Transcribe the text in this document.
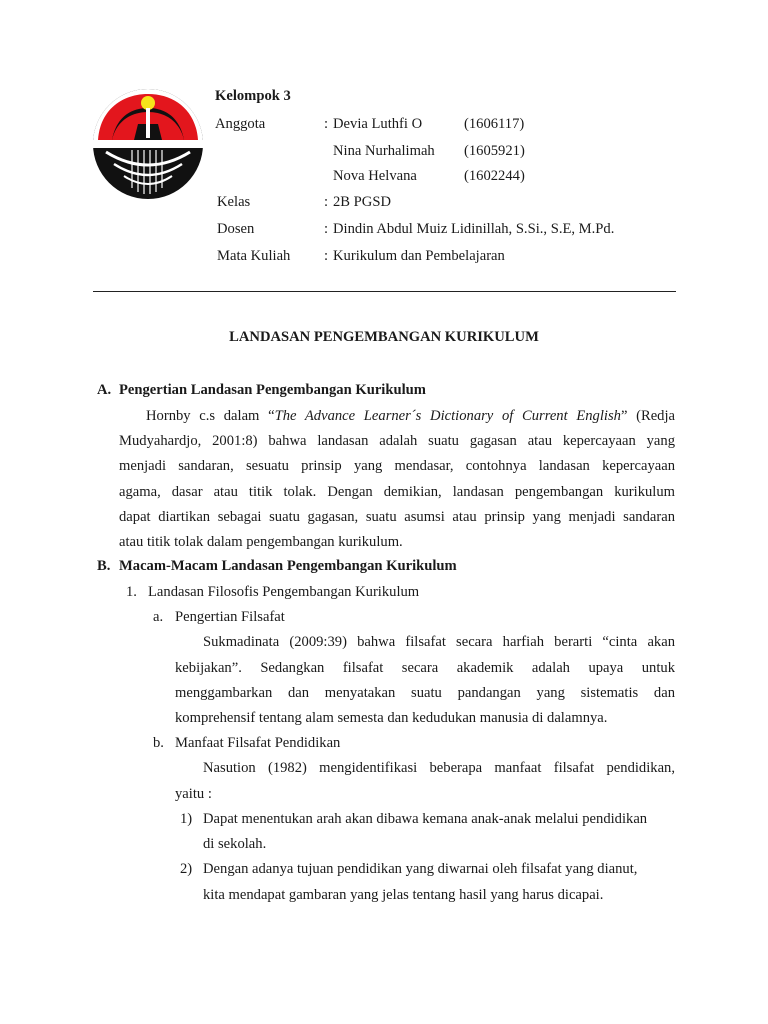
Kelompok 3
Anggota	: Devia Luthfi O	(1606117)
Nina Nurhalimah (1605921)
Nova Helvana	(1602244)
Kelas	: 2B PGSD
Dosen	: Dindin Abdul Muiz Lidinillah, S.Si., S.E, M.Pd.
Mata Kuliah : Kurikulum dan Pembelajaran
LANDASAN PENGEMBANGAN KURIKULUM
A. Pengertian Landasan Pengembangan Kurikulum
Hornby c.s dalam “The Advance Learner´s Dictionary of Current English” (Redja
Mudyahardjo, 2001:8) bahwa landasan adalah suatu gagasan atau kepercayaan yang
menjadi sandaran, sesuatu prinsip yang mendasar, contohnya landasan kepercayaan
agama, dasar atau titik tolak. Dengan demikian, landasan pengembangan kurikulum
dapat diartikan sebagai suatu gagasan, suatu asumsi atau prinsip yang menjadi sandaran
atau titik tolak dalam pengembangan kurikulum.
B. Macam-Macam Landasan Pengembangan Kurikulum
1. Landasan Filosofis Pengembangan Kurikulum
a. Pengertian Filsafat
Sukmadinata (2009:39) bahwa filsafat secara harfiah berarti “cinta akan
kebijakan”. Sedangkan filsafat secara akademik adalah upaya untuk
menggambarkan dan menyatakan suatu pandangan yang sistematis dan
komprehensif tentang alam semesta dan kedudukan manusia di dalamnya.
b. Manfaat Filsafat Pendidikan
Nasution (1982) mengidentifikasi beberapa manfaat filsafat pendidikan,
yaitu :
1) Dapat menentukan arah akan dibawa kemana anak-anak melalui pendidikan
di sekolah.
2) Dengan adanya tujuan pendidikan yang diwarnai oleh filsafat yang dianut,
kita mendapat gambaran yang jelas tentang hasil yang harus dicapai.
